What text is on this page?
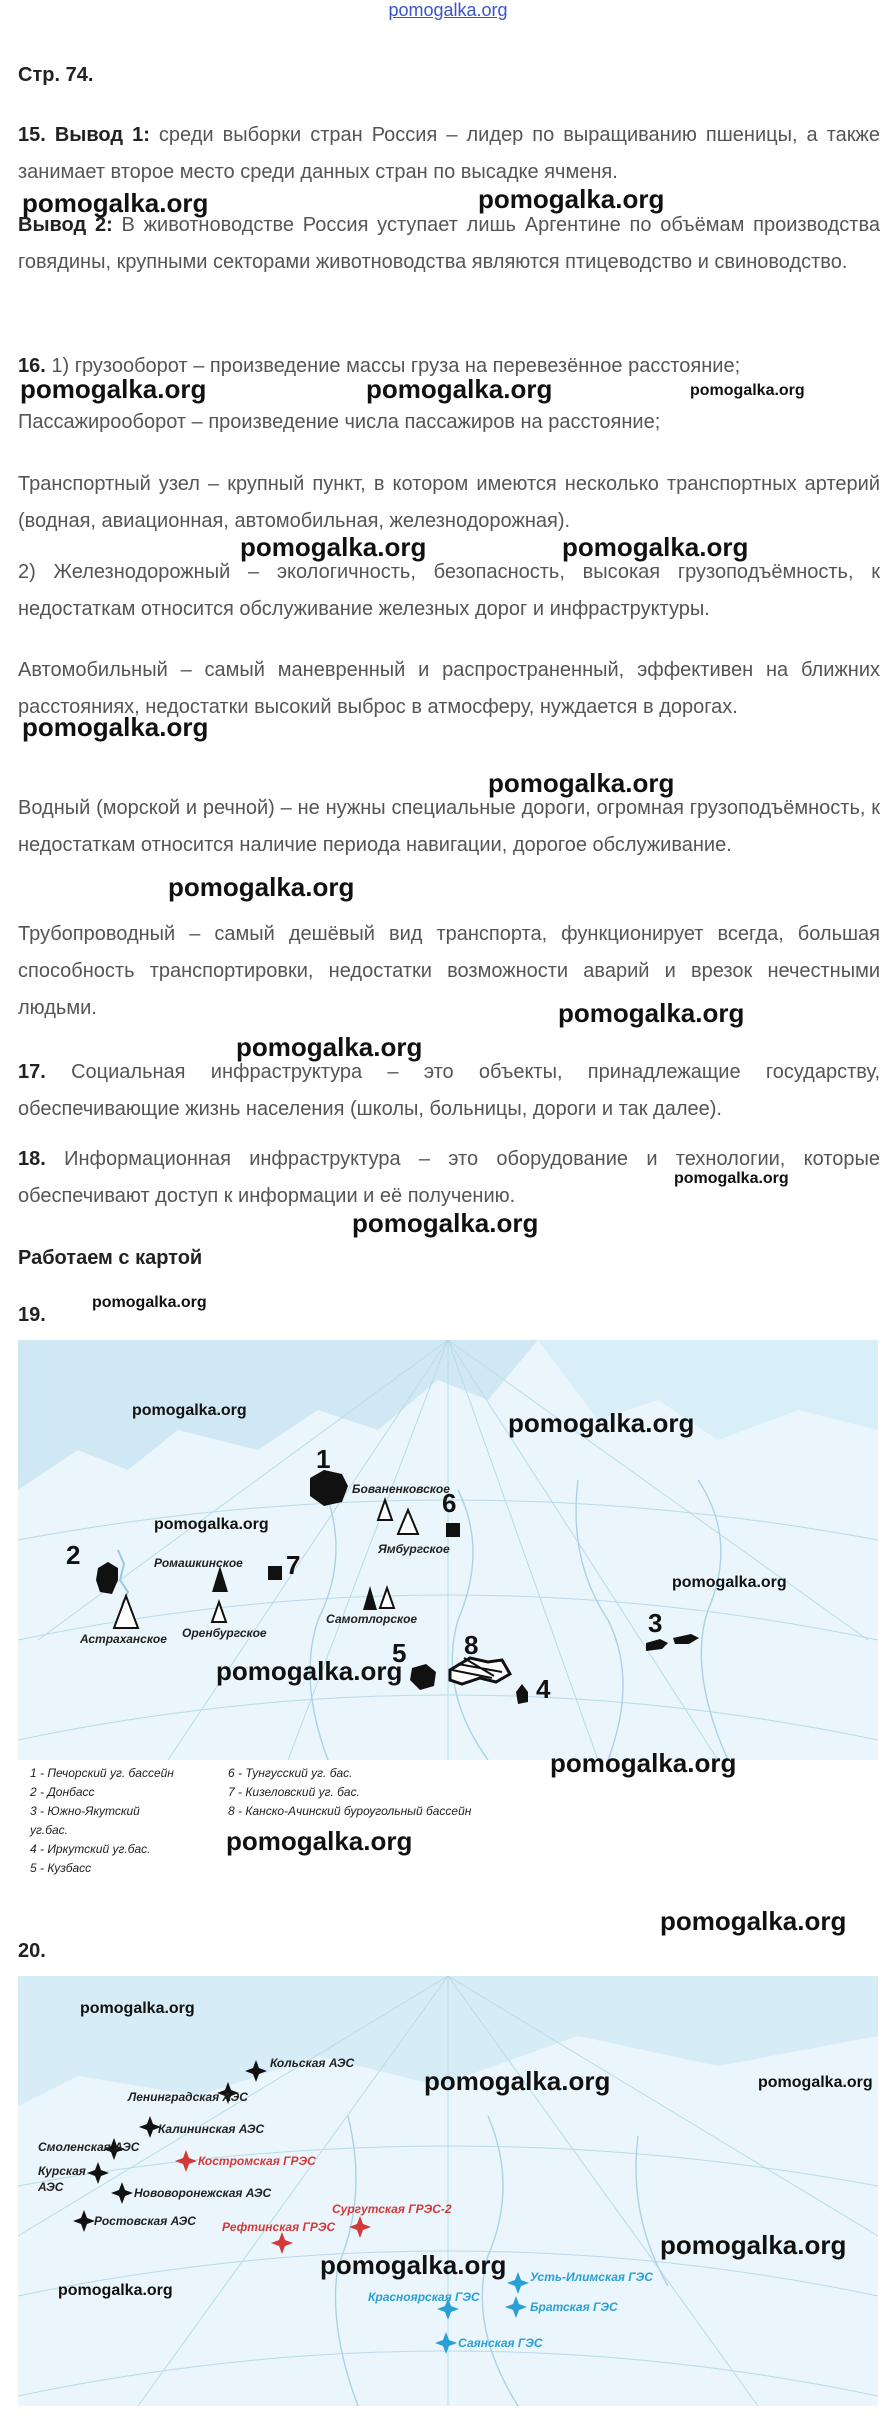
pomogalka.org
Стр. 74.
15. Вывод 1: среди выборки стран Россия – лидер по выращиванию пшеницы, а также занимает второе место среди данных стран по высадке ячменя.
Вывод 2: В животноводстве Россия уступает лишь Аргентине по объёмам производства говядины, крупными секторами животноводства являются птицеводство и свиноводство.
16. 1) грузооборот – произведение массы груза на перевезённое расстояние;
Пассажирооборот – произведение числа пассажиров на расстояние;
Транспортный узел – крупный пункт, в котором имеются несколько транспортных артерий (водная, авиационная, автомобильная, железнодорожная).
2) Железнодорожный – экологичность, безопасность, высокая грузоподъёмность, к недостаткам относится обслуживание железных дорог и инфраструктуры.
Автомобильный – самый маневренный и распространенный, эффективен на ближних расстояниях, недостатки высокий выброс в атмосферу, нуждается в дорогах.
Водный (морской и речной) – не нужны специальные дороги, огромная грузоподъёмность, к недостаткам относится наличие периода навигации, дорогое обслуживание.
Трубопроводный – самый дешёвый вид транспорта, функционирует всегда, большая способность транспортировки, недостатки возможности аварий и врезок нечестными людьми.
17. Социальная инфраструктура – это объекты, принадлежащие государству, обеспечивающие жизнь населения (школы, больницы, дороги и так далее).
18. Информационная инфраструктура – это оборудование и технологии, которые обеспечивают доступ к информации и её получению.
Работаем с картой
19.
1
2
3
4
5
6
7
8
Бованенковское
Ямбургское
Ромашкинское
Самотлорское
Астраханское Оренбургское
1 - Печорский уг. бассейн
2 - Донбасс
3 - Южно-Якутский
уг.бас.
4 - Иркутский уг.бас.
5 - Кузбасс
6 - Тунгусский уг. бас.
7 - Кизеловский уг. бас.
8 - Канско-Ачинский буроугольный бассейн
20.
Кольская АЭС
Ленинградская АЭС
Калининская АЭС
Смоленская АЭС
Костромская ГРЭС
Курская
АЭС	Нововоронежская АЭС
Сургутская ГРЭС-2
Ростовская АЭС Рефтинская ГРЭС
Усть-Илимская ГЭС
Красноярская ГЭС
Братская ГЭС
Саянская ГЭС
pomogalka.org	pomogalka.org
pomogalka.org	pomogalka.org	pomogalka.org
pomogalka.org	pomogalka.org
pomogalka.org
pomogalka.org
pomogalka.org
pomogalka.org
pomogalka.org
pomogalka.org
pomogalka.org
pomogalka.org
pomogalka.org	pomogalka.org
pomogalka.org
pomogalka.org
pomogalka.org
pomogalka.org
pomogalka.org
pomogalka.org
pomogalka.org
pomogalka.org	pomogalka.org
pomogalka.org
pomogalka.org
pomogalka.org
